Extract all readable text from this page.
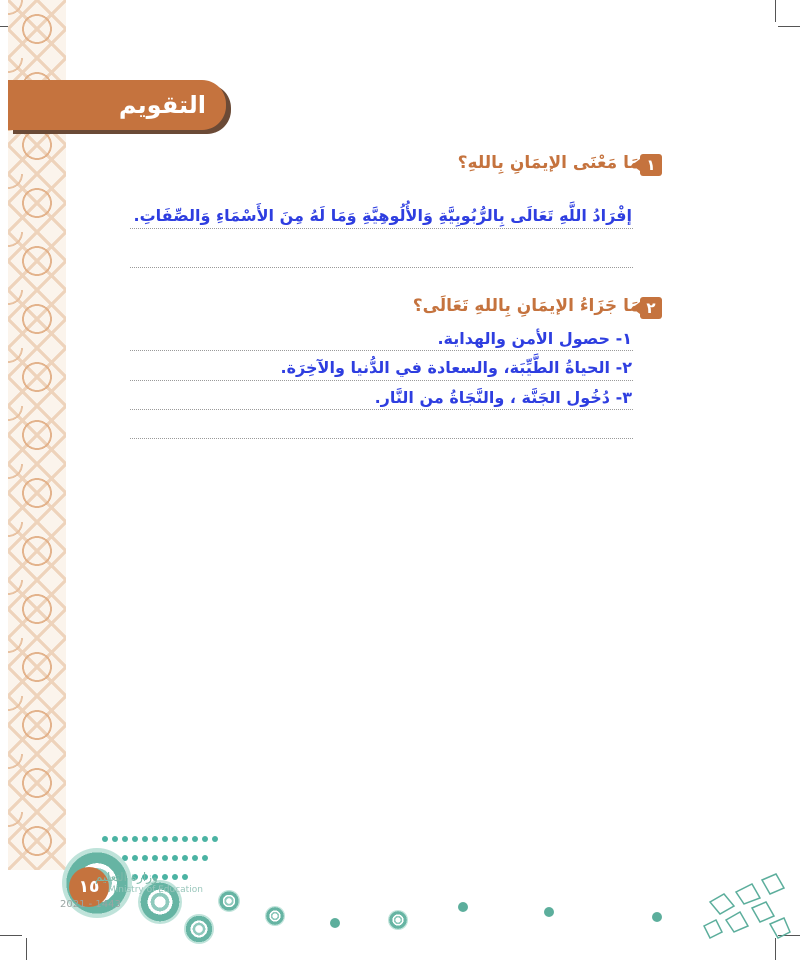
التقويم
١
مَا مَعْنَى الإيمَانِ بِاللهِ؟
إفْرَادُ اللَّهِ تَعَالَى بِالرُّبُوبِيَّةِ وَالأُلُوهِيَّةِ وَمَا لَهُ مِنَ الأَسْمَاءِ وَالصِّفَاتِ.
٢
مَا جَزَاءُ الإيمَانِ بِاللهِ تَعَالَى؟
١- حصول الأمن والهداية.
٢- الحياةُ الطَّيِّبَة، والسعادة في الدُّنيا والآخِرَة.
٣- دُخُول الجَنَّة ، والنَّجَاةُ من النَّار.
١٥
وزارة التعليم
Ministry of Education
2021 - 1443
